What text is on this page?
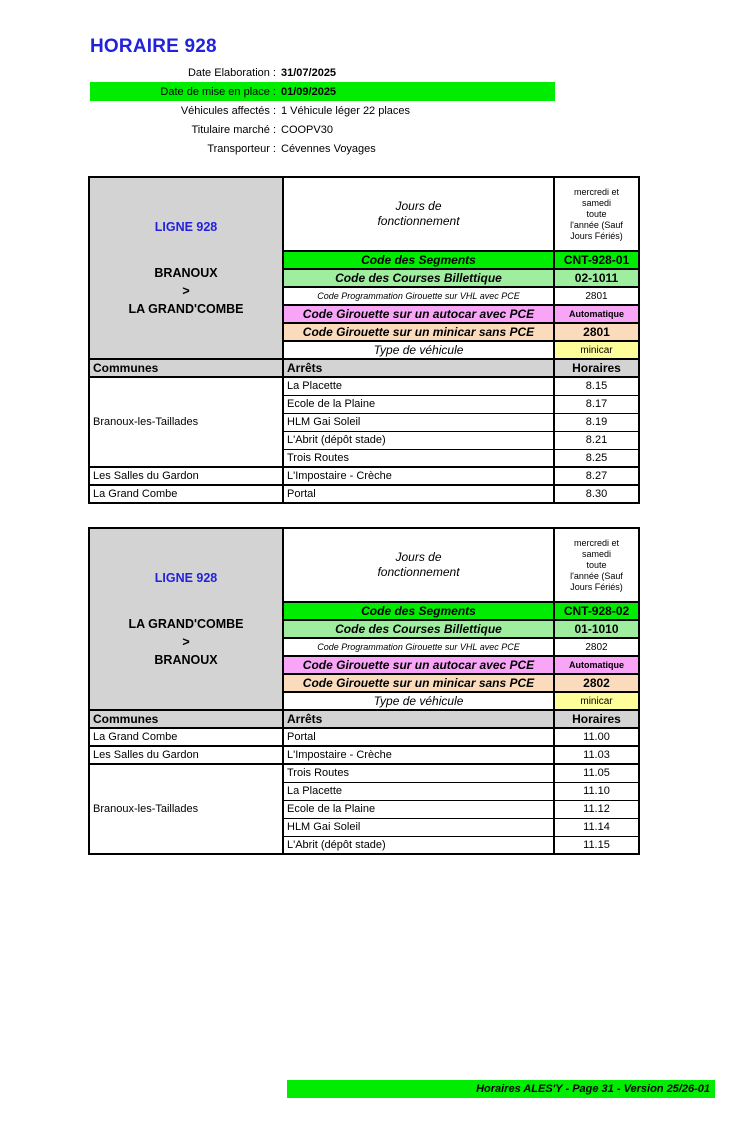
HORAIRE 928
Date Elaboration : 31/07/2025
Date de mise en place : 01/09/2025
Véhicules affectés : 1 Véhicule léger 22 places
Titulaire marché : COOPV30
Transporteur : Cévennes Voyages
LIGNE 928
BRANOUX
>
LA GRAND'COMBE

Jours de
fonctionnement

mercredi et
samedi
toute
l'année (Sauf
Jours Fériés)

	Code des Segments	CNT-928-01
	Code des Courses Billettique	02-1011
	Code Programmation Girouette sur VHL avec PCE	2801
	Code Girouette sur un autocar avec PCE	Automatique
	Code Girouette sur un minicar sans PCE	2801
	Type de véhicule	minicar
Communes	Arrêts	Horaires
Branoux-les-Taillades	La Placette	8.15
	Ecole de la Plaine	8.17
	HLM Gai Soleil	8.19
	L'Abrit (dépôt stade)	8.21
	Trois Routes	8.25
Les Salles du Gardon	L'Impostaire - Crèche	8.27
La Grand Combe	Portal	8.30
LIGNE 928
LA GRAND'COMBE
>
BRANOUX

Jours de
fonctionnement

mercredi et
samedi
toute
l'année (Sauf
Jours Fériés)

	Code des Segments	CNT-928-02
	Code des Courses Billettique	01-1010
	Code Programmation Girouette sur VHL avec PCE	2802
	Code Girouette sur un autocar avec PCE	Automatique
	Code Girouette sur un minicar sans PCE	2802
	Type de véhicule	minicar
Communes	Arrêts	Horaires
La Grand Combe	Portal	11.00
Les Salles du Gardon	L'Impostaire - Crèche	11.03
Branoux-les-Taillades	Trois Routes	11.05
	La Placette	11.10
	Ecole de la Plaine	11.12
	HLM Gai Soleil	11.14
	L'Abrit (dépôt stade)	11.15
Horaires ALES'Y - Page 31 - Version 25/26-01
